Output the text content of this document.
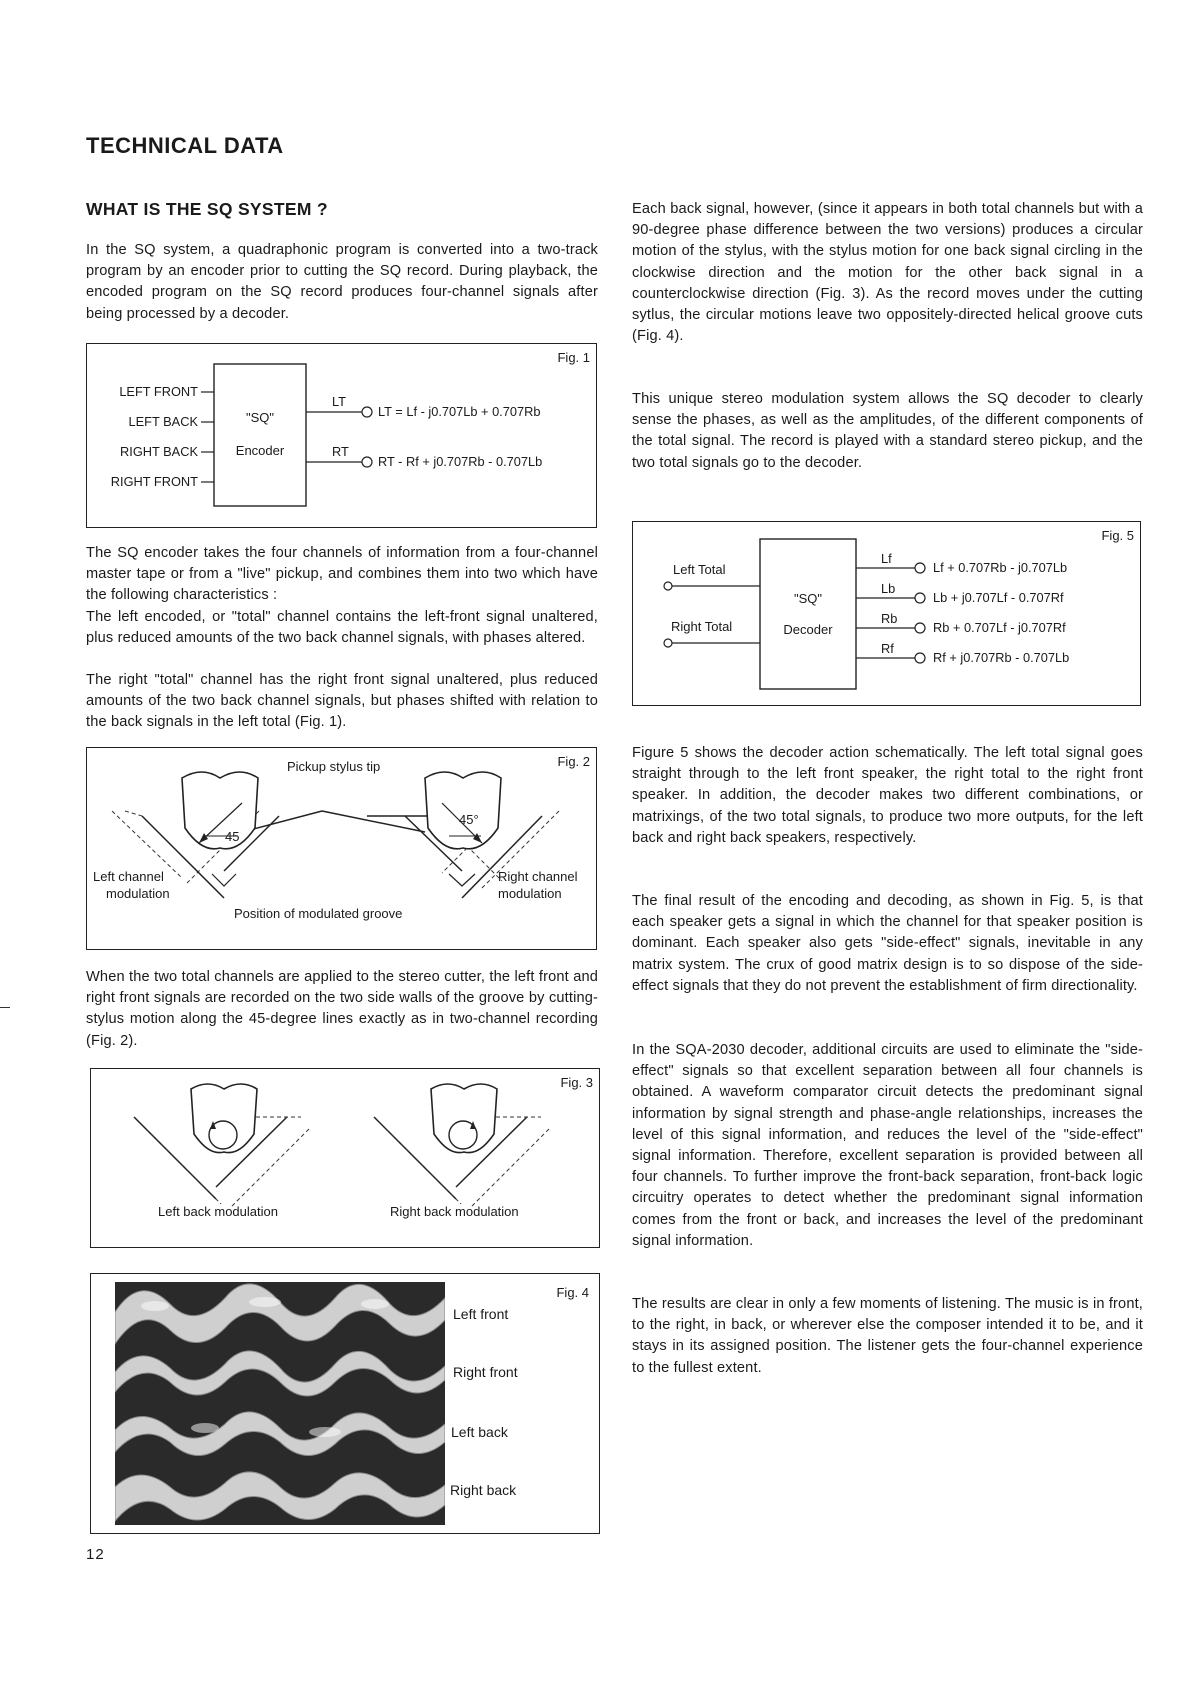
TECHNICAL DATA
WHAT IS THE SQ SYSTEM ?

In the SQ system, a quadraphonic program is converted into a two-track program by an encoder prior to cutting the SQ record. During playback, the encoded program on the SQ record produces four-channel signals after being processed by a decoder.

The SQ encoder takes the four channels of information from a four-channel master tape or from a "live" pickup, and combines them into two which have the following characteristics :

The left encoded, or "total" channel contains the left-front signal unaltered, plus reduced amounts of the two back channel signals, with phases altered.

The right "total" channel has the right front signal unaltered, plus reduced amounts of the two back channel signals, but phases shifted with relation to the back signals in the left total (Fig. 1).

When the two total channels are applied to the stereo cutter, the left front and right front signals are recorded on the two side walls of the groove by cutting-stylus motion along the 45-degree lines exactly as in two-channel recording (Fig. 2).

Each back signal, however, (since it appears in both total channels but with a 90-degree phase difference between the two versions) produces a circular motion of the stylus, with the stylus motion for one back signal circling in the clockwise direction and the motion for the other back signal in a counterclockwise direction (Fig. 3). As the record moves under the cutting sytlus, the circular motions leave two oppositely-directed helical groove cuts (Fig. 4).

This unique stereo modulation system allows the SQ decoder to clearly sense the phases, as well as the amplitudes, of the different components of the total signal. The record is played with a standard stereo pickup, and the two total signals go to the decoder.

Figure 5 shows the decoder action schematically. The left total signal goes straight through to the left front speaker, the right total to the right front speaker. In addition, the decoder makes two different combinations, or matrixings, of the two total signals, to produce two more outputs, for the left back and right back speakers, respectively.

The final result of the encoding and decoding, as shown in Fig. 5, is that each speaker gets a signal in which the channel for that speaker position is dominant. Each speaker also gets "side-effect" signals, inevitable in any matrix system. The crux of good matrix design is to so dispose of the side-effect signals that they do not prevent the establishment of firm directionality.

In the SQA-2030 decoder, additional circuits are used to eliminate the "side-effect" signals so that excellent separation between all four channels is obtained. A waveform comparator circuit detects the predominant signal information by signal strength and phase-angle relationships, increases the level of this signal information, and reduces the level of the "side-effect" signal information. Therefore, excellent separation is provided between all four channels. To further improve the front-back separation, front-back logic circuitry operates to detect whether the predominant signal information comes from the front or back, and increases the level of the predominant signal information.

The results are clear in only a few moments of listening. The music is in front, to the right, in back, or wherever else the composer intended it to be, and it stays in its assigned position. The listener gets the four-channel experience to the fullest extent.

Fig. 1
LEFT FRONT
LEFT BACK
RIGHT BACK
RIGHT FRONT
"SQ"
Encoder
LT
RT
LT = Lf - j0.707Lb + 0.707Rb
RT - Rf + j0.707Rb - 0.707Lb
Fig. 2
Pickup stylus tip
45
45°
Left channel
modulation
Right channel
modulation
Position of modulated groove
Fig. 3
Left back modulation	Right back modulation
Fig. 4
Left front
Right front
Left back
Right back
Fig. 5
Left Total
Right Total
"SQ"
Decoder
Lf
Lb
Rb
Rf
Lf + 0.707Rb - j0.707Lb
Lb + j0.707Lf - 0.707Rf
Rb + 0.707Lf - j0.707Rf
Rf + j0.707Rb - 0.707Lb
12
